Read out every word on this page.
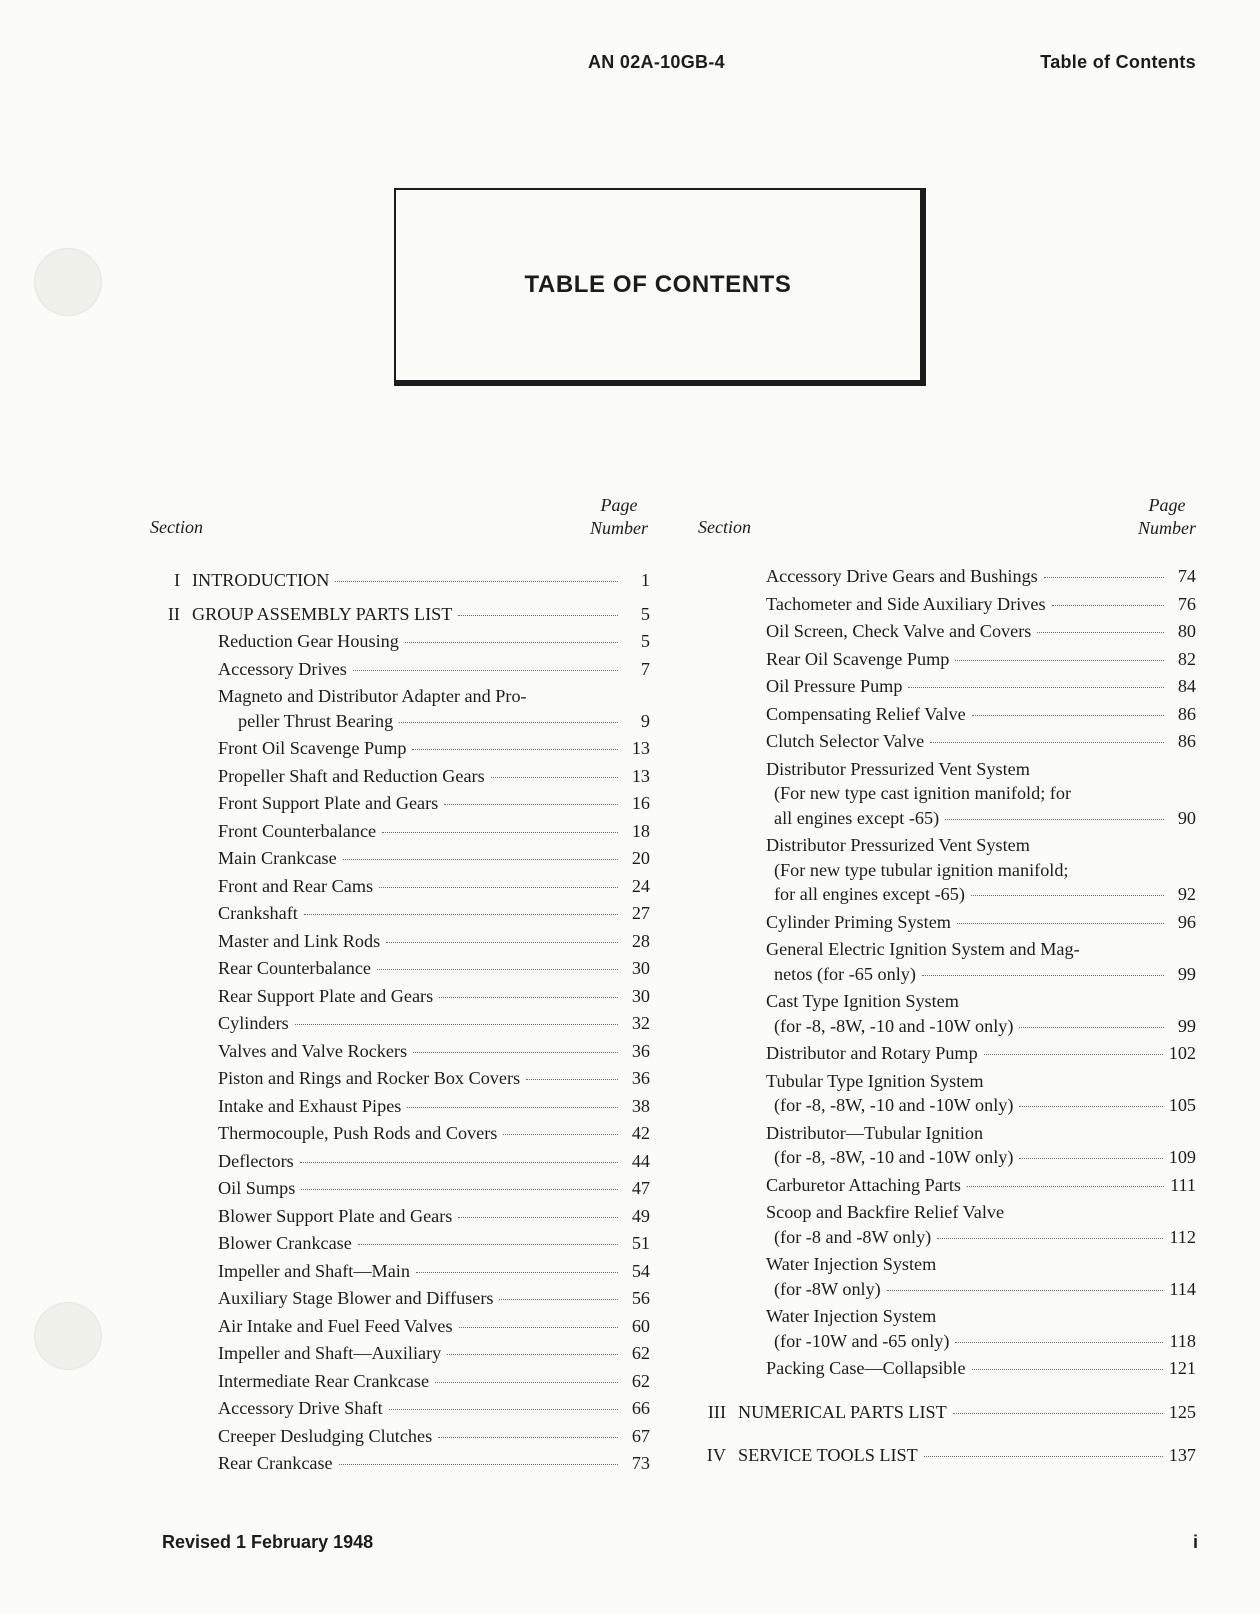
AN 02A-10GB-4	Table of Contents
TABLE OF CONTENTS
Section
Page
Number	Section
Page
Number
I INTRODUCTION	1
II GROUP ASSEMBLY PARTS LIST	5
Reduction Gear Housing	5
Accessory Drives	7
Magneto and Distributor Adapter and Pro-
peller Thrust Bearing	9
Front Oil Scavenge Pump	13
Propeller Shaft and Reduction Gears	13
Front Support Plate and Gears	16
Front Counterbalance	18
Main Crankcase	20
Front and Rear Cams	24
Crankshaft	27
Master and Link Rods	28
Rear Counterbalance	30
Rear Support Plate and Gears	30
Cylinders	32
Valves and Valve Rockers	36
Piston and Rings and Rocker Box Covers	36
Intake and Exhaust Pipes	38
Thermocouple, Push Rods and Covers	42
Deflectors	44
Oil Sumps	47
Blower Support Plate and Gears	49
Blower Crankcase	51
Impeller and Shaft—Main	54
Auxiliary Stage Blower and Diffusers	56
Air Intake and Fuel Feed Valves	60
Impeller and Shaft—Auxiliary	62
Intermediate Rear Crankcase	62
Accessory Drive Shaft	66
Creeper Desludging Clutches	67
Rear Crankcase	73
Accessory Drive Gears and Bushings	74
Tachometer and Side Auxiliary Drives	76
Oil Screen, Check Valve and Covers	80
Rear Oil Scavenge Pump	82
Oil Pressure Pump	84
Compensating Relief Valve	86
Clutch Selector Valve	86
Distributor Pressurized Vent System
(For new type cast ignition manifold; for
all engines except -65)	90
Distributor Pressurized Vent System
(For new type tubular ignition manifold;
for all engines except -65)	92
Cylinder Priming System	96
General Electric Ignition System and Mag-
netos (for -65 only)	99
Cast Type Ignition System
(for -8, -8W, -10 and -10W only)	99
Distributor and Rotary Pump	102
Tubular Type Ignition System
(for -8, -8W, -10 and -10W only)	105
Distributor—Tubular Ignition
(for -8, -8W, -10 and -10W only)	109
Carburetor Attaching Parts	111
Scoop and Backfire Relief Valve
(for -8 and -8W only)	112
Water Injection System
(for -8W only)	114
Water Injection System
(for -10W and -65 only)	118
Packing Case—Collapsible	121
III NUMERICAL PARTS LIST	125
IV SERVICE TOOLS LIST	137
Revised 1 February 1948	i
